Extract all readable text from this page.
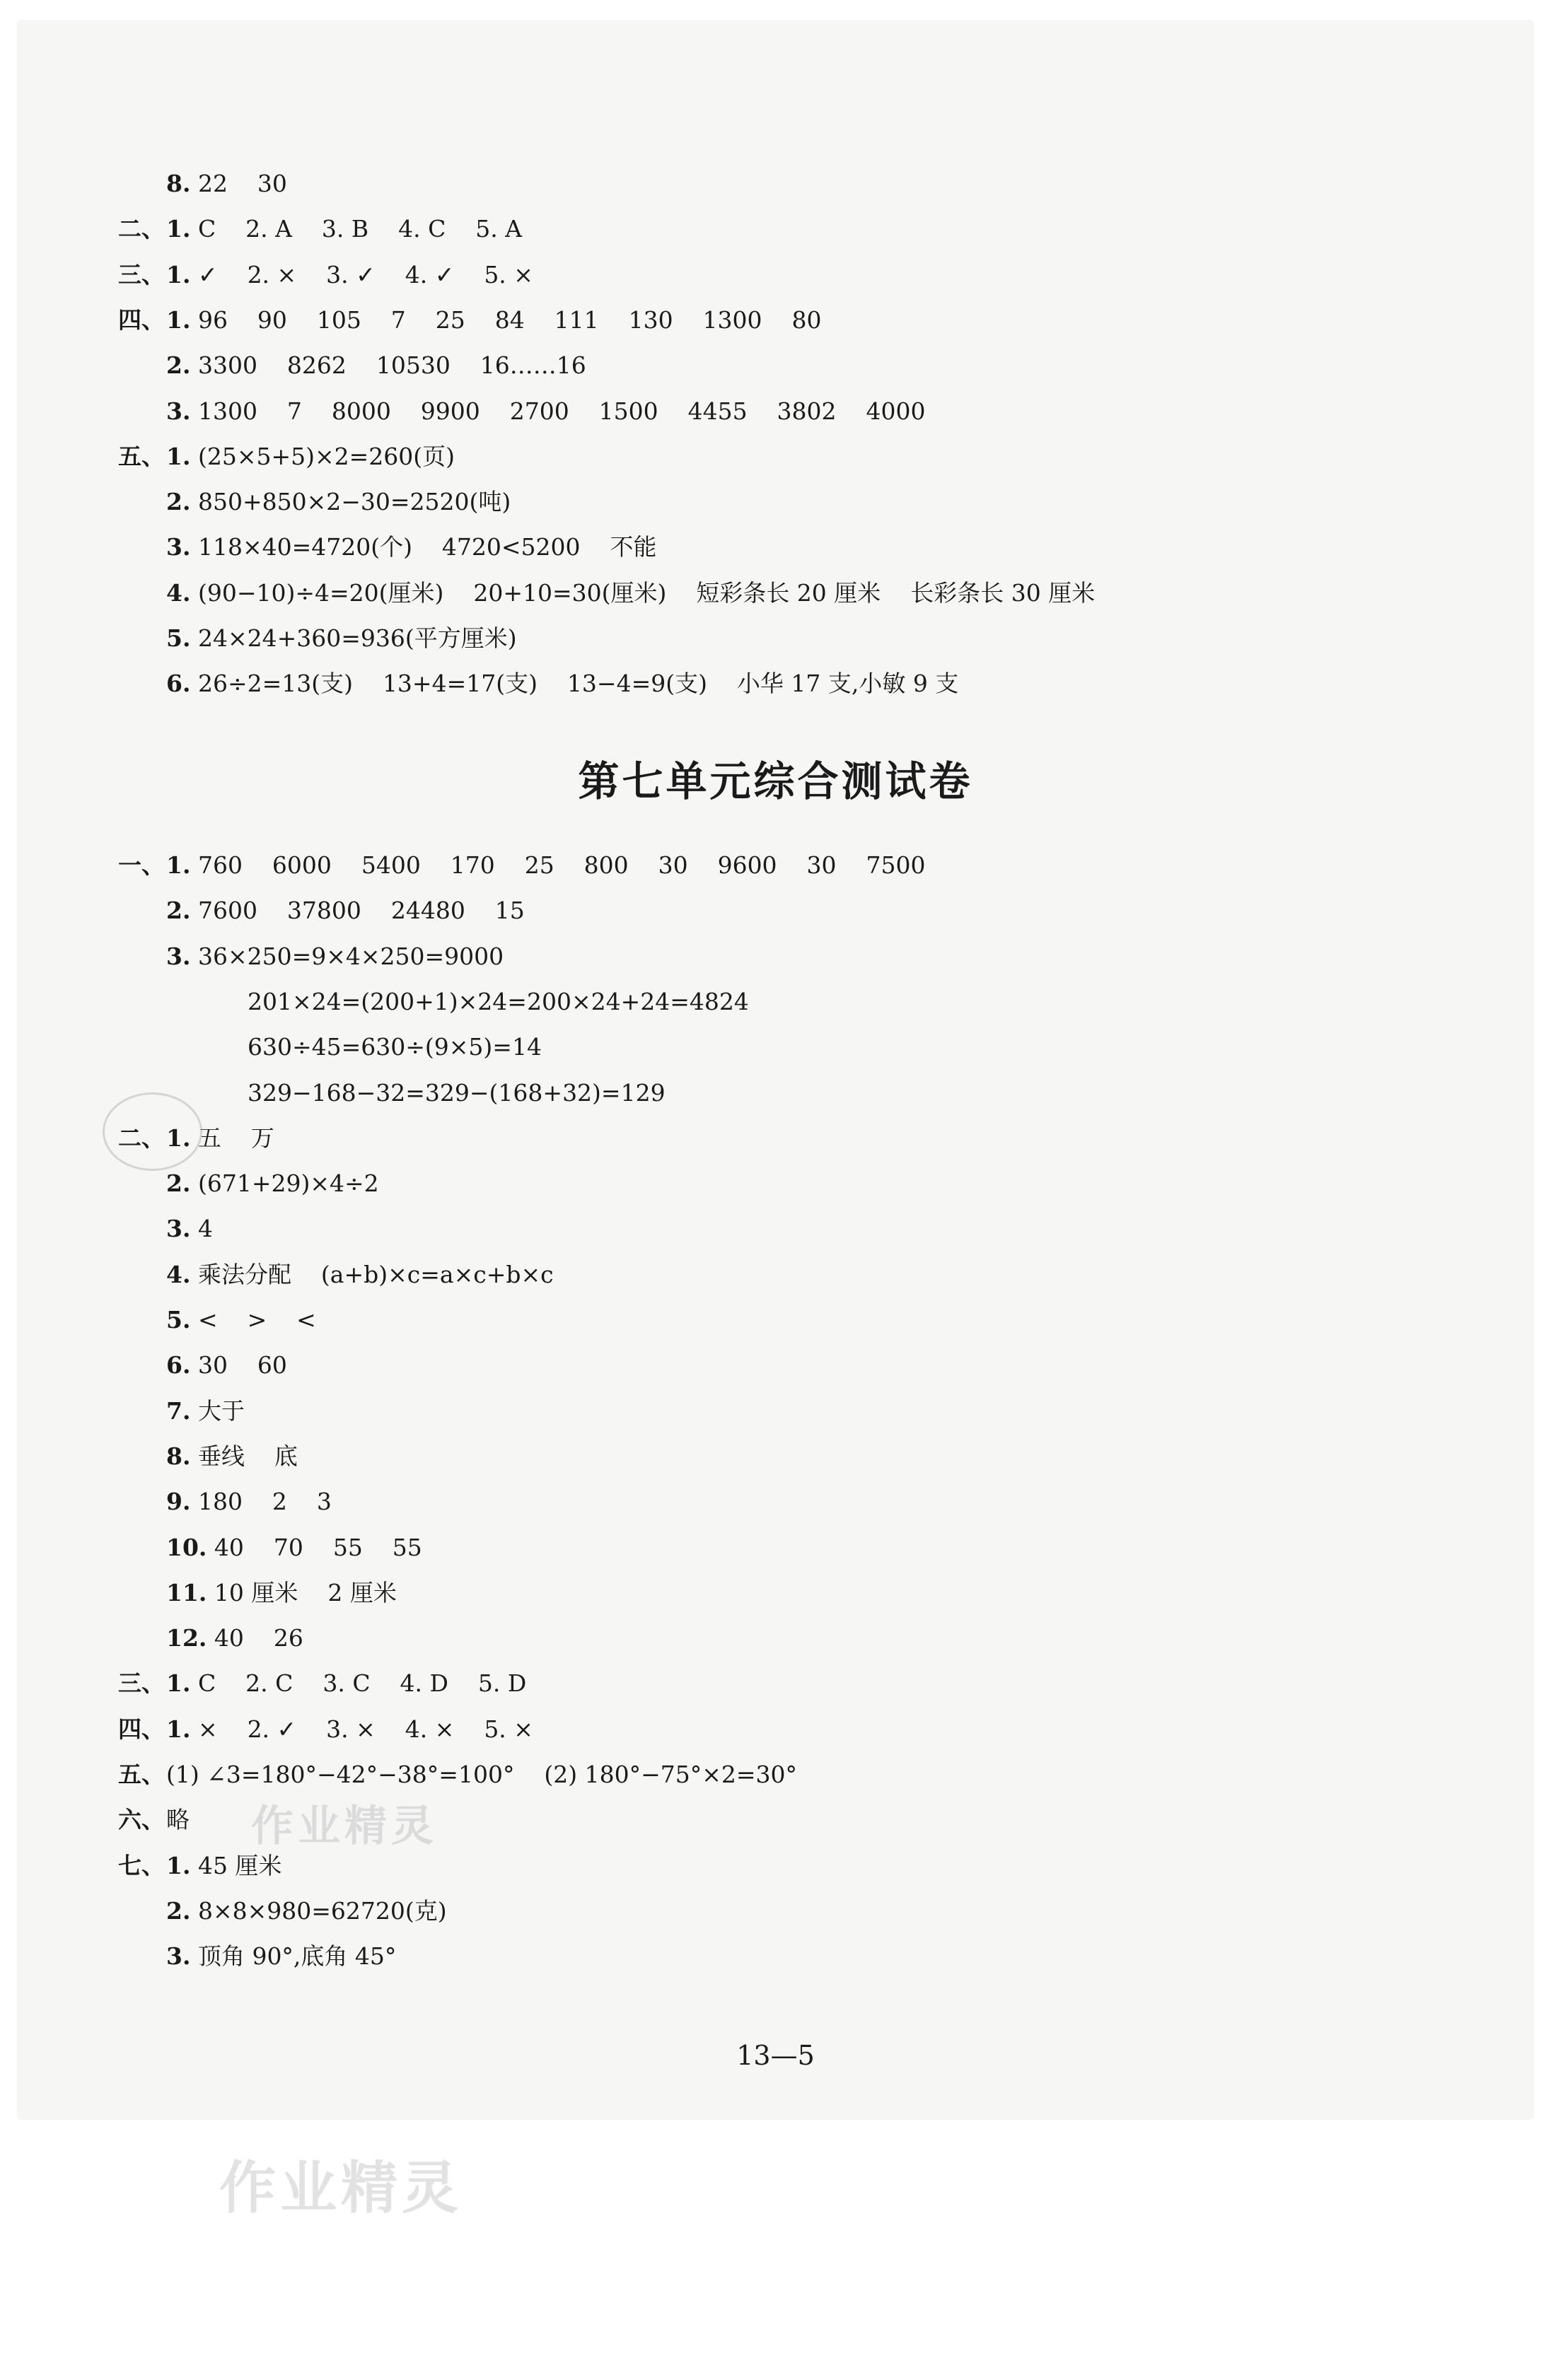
8. 22    30
二、 1. C    2. A    3. B    4. C    5. A
三、 1. ✓    2. ×    3. ✓    4. ✓    5. ×
四、 1. 96    90    105    7    25    84    111    130    1300    80
2. 3300    8262    10530    16……16
3. 1300    7    8000    9900    2700    1500    4455    3802    4000
五、 1. (25×5+5)×2=260(页)
2. 850+850×2−30=2520(吨)
3. 118×40=4720(个)    4720<5200    不能
4. (90−10)÷4=20(厘米)    20+10=30(厘米)    短彩条长 20 厘米    长彩条长 30 厘米
5. 24×24+360=936(平方厘米)
6. 26÷2=13(支)    13+4=17(支)    13−4=9(支)    小华 17 支,小敏 9 支
一、 1. 760    6000    5400    170    25    800    30    9600    30    7500
2. 7600    37800    24480    15
3. 36×250=9×4×250=9000
201×24=(200+1)×24=200×24+24=4824
630÷45=630÷(9×5)=14
329−168−32=329−(168+32)=129
二、 1. 五    万
2. (671+29)×4÷2
3. 4
4. 乘法分配    (a+b)×c=a×c+b×c
5. <    >    <
6. 30    60
7. 大于
8. 垂线    底
9. 180    2    3
10. 40    70    55    55
11. 10 厘米    2 厘米
12. 40    26
三、 1. C    2. C    3. C    4. D    5. D
四、 1. ×    2. ✓    3. ×    4. ×    5. ×
五、 (1) ∠3=180°−42°−38°=100°    (2) 180°−75°×2=30°
六、 略
七、 1. 45 厘米
2. 8×8×980=62720(克)
3. 顶角 90°,底角 45°
第七单元综合测试卷
13—5
作业精灵
作业精灵
